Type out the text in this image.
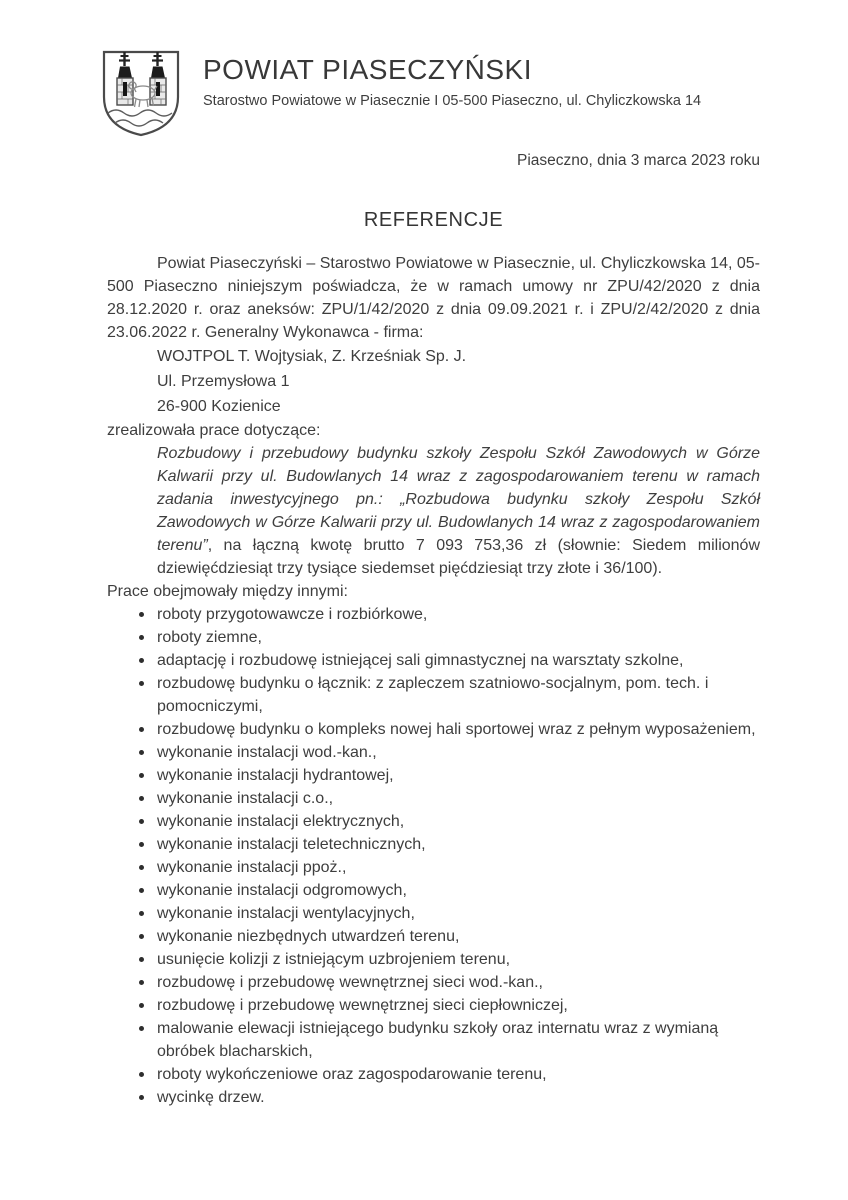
POWIAT PIASECZYŃSKI
Starostwo Powiatowe w Piasecznie I 05-500 Piaseczno, ul. Chyliczkowska 14
Piaseczno, dnia 3 marca 2023 roku
REFERENCJE

Powiat Piaseczyński – Starostwo Powiatowe w Piasecznie, ul. Chyliczkowska 14, 05-500 Piaseczno niniejszym poświadcza, że w ramach umowy nr ZPU/42/2020 z dnia 28.12.2020 r. oraz aneksów: ZPU/1/42/2020 z dnia 09.09.2021 r. i ZPU/2/42/2020 z dnia 23.06.2022 r. Generalny Wykonawca - firma:

WOJTPOL T. Wojtysiak, Z. Krześniak Sp. J.
Ul. Przemysłowa 1
26-900 Kozienice

zrealizowała prace dotyczące:

Rozbudowy i przebudowy budynku szkoły Zespołu Szkół Zawodowych w Górze Kalwarii przy ul. Budowlanych 14 wraz z zagospodarowaniem terenu w ramach zadania inwestycyjnego pn.: „Rozbudowa budynku szkoły Zespołu Szkół Zawodowych w Górze Kalwarii przy ul. Budowlanych 14 wraz z zagospodarowaniem terenu”, na łączną kwotę brutto 7 093 753,36 zł (słownie: Siedem milionów dziewięćdziesiąt trzy tysiące siedemset pięćdziesiąt trzy złote i 36/100).

Prace obejmowały między innymi:

roboty przygotowawcze i rozbiórkowe,
roboty ziemne,
adaptację i rozbudowę istniejącej sali gimnastycznej na warsztaty szkolne,
rozbudowę budynku o łącznik: z zapleczem szatniowo-socjalnym, pom. tech. i pomocniczymi,
rozbudowę budynku o kompleks nowej hali sportowej wraz z pełnym wyposażeniem,
wykonanie instalacji wod.-kan.,
wykonanie instalacji hydrantowej,
wykonanie instalacji c.o.,
wykonanie instalacji elektrycznych,
wykonanie instalacji teletechnicznych,
wykonanie instalacji ppoż.,
wykonanie instalacji odgromowych,
wykonanie instalacji wentylacyjnych,
wykonanie niezbędnych utwardzeń terenu,
usunięcie kolizji z istniejącym uzbrojeniem terenu,
rozbudowę i przebudowę wewnętrznej sieci wod.-kan.,
rozbudowę i przebudowę wewnętrznej sieci ciepłowniczej,
malowanie elewacji istniejącego budynku szkoły oraz internatu wraz z wymianą obróbek blacharskich,
roboty wykończeniowe oraz zagospodarowanie terenu,
wycinkę drzew.
